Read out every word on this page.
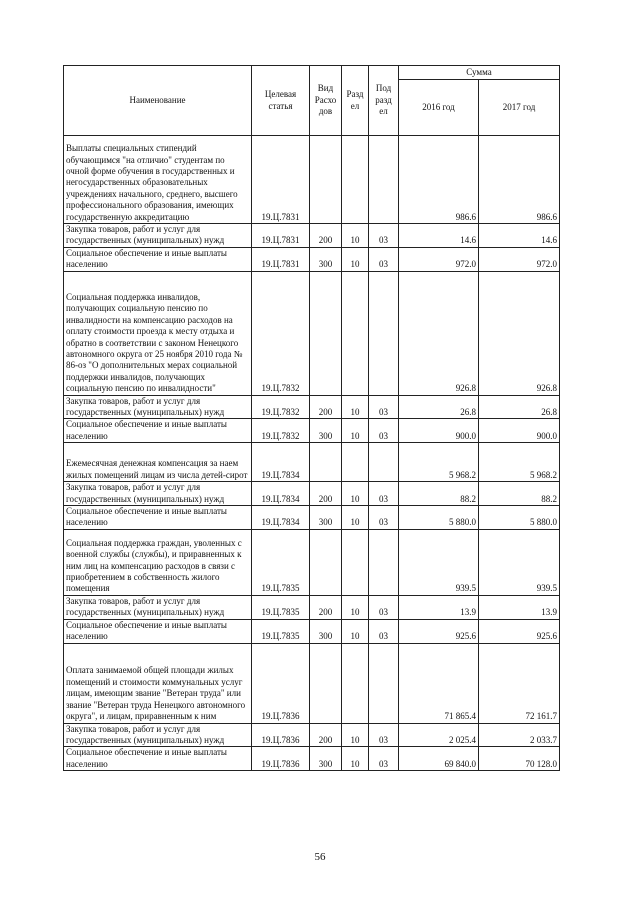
Наименование	Целевая статья	Вид Расхо дов	Разд ел	Под разд ел	Сумма	
					2016 год	2017 год
Выплаты специальных стипендий обучающимся "на отличио" студентам по очной форме обучения в государственных и негосударственных образовательных учреждениях начального, среднего, высшего профессионального образования, имеющих государственную аккредитацию	19.Ц.7831				986.6	986.6
Закупка товаров, работ и услуг для государственных (муниципальных) нужд	19.Ц.7831	200	10	03	14.6	14.6
Социальное обеспечение и иные выплаты населению	19.Ц.7831	300	10	03	972.0	972.0
Социальная поддержка инвалидов, получающих социальную пенсию по инвалидности на компенсацию расходов на оплату стоимости проезда к месту отдыха и обратно в соответствии с законом Ненецкого автономного округа от 25 ноября 2010 года № 86-оз "О дополнительных мерах социальной поддержки инвалидов, получающих социальную пенсию по инвалидности"	19.Ц.7832				926.8	926.8
Закупка товаров, работ и услуг для государственных (муниципальных) нужд	19.Ц.7832	200	10	03	26.8	26.8
Социальное обеспечение и иные выплаты населению	19.Ц.7832	300	10	03	900.0	900.0
Ежемесячная денежная компенсация за наем жилых помещений лицам из числа детей-сирот	19.Ц.7834				5 968.2	5 968.2
Закупка товаров, работ и услуг для государственных (муниципальных) нужд	19.Ц.7834	200	10	03	88.2	88.2
Социальное обеспечение и иные выплаты населению	19.Ц.7834	300	10	03	5 880.0	5 880.0
Социальная поддержка граждан, уволенных с военной службы (службы), и приравненных к ним лиц на компенсацию расходов в связи с приобретением в собственность жилого помещения	19.Ц.7835				939.5	939.5
Закупка товаров, работ и услуг для государственных (муниципальных) нужд	19.Ц.7835	200	10	03	13.9	13.9
Социальное обеспечение и иные выплаты населению	19.Ц.7835	300	10	03	925.6	925.6
Оплата занимаемой общей площади жилых помещений и стоимости коммунальных услуг лицам, имеющим звание "Ветеран труда" или звание "Ветеран труда Ненецкого автономного округа", и лицам, приравненным к ним	19.Ц.7836				71 865.4	72 161.7
Закупка товаров, работ и услуг для государственных (муниципальных) нужд	19.Ц.7836	200	10	03	2 025.4	2 033.7
Социальное обеспечение и иные выплаты населению	19.Ц.7836	300	10	03	69 840.0	70 128.0
56
